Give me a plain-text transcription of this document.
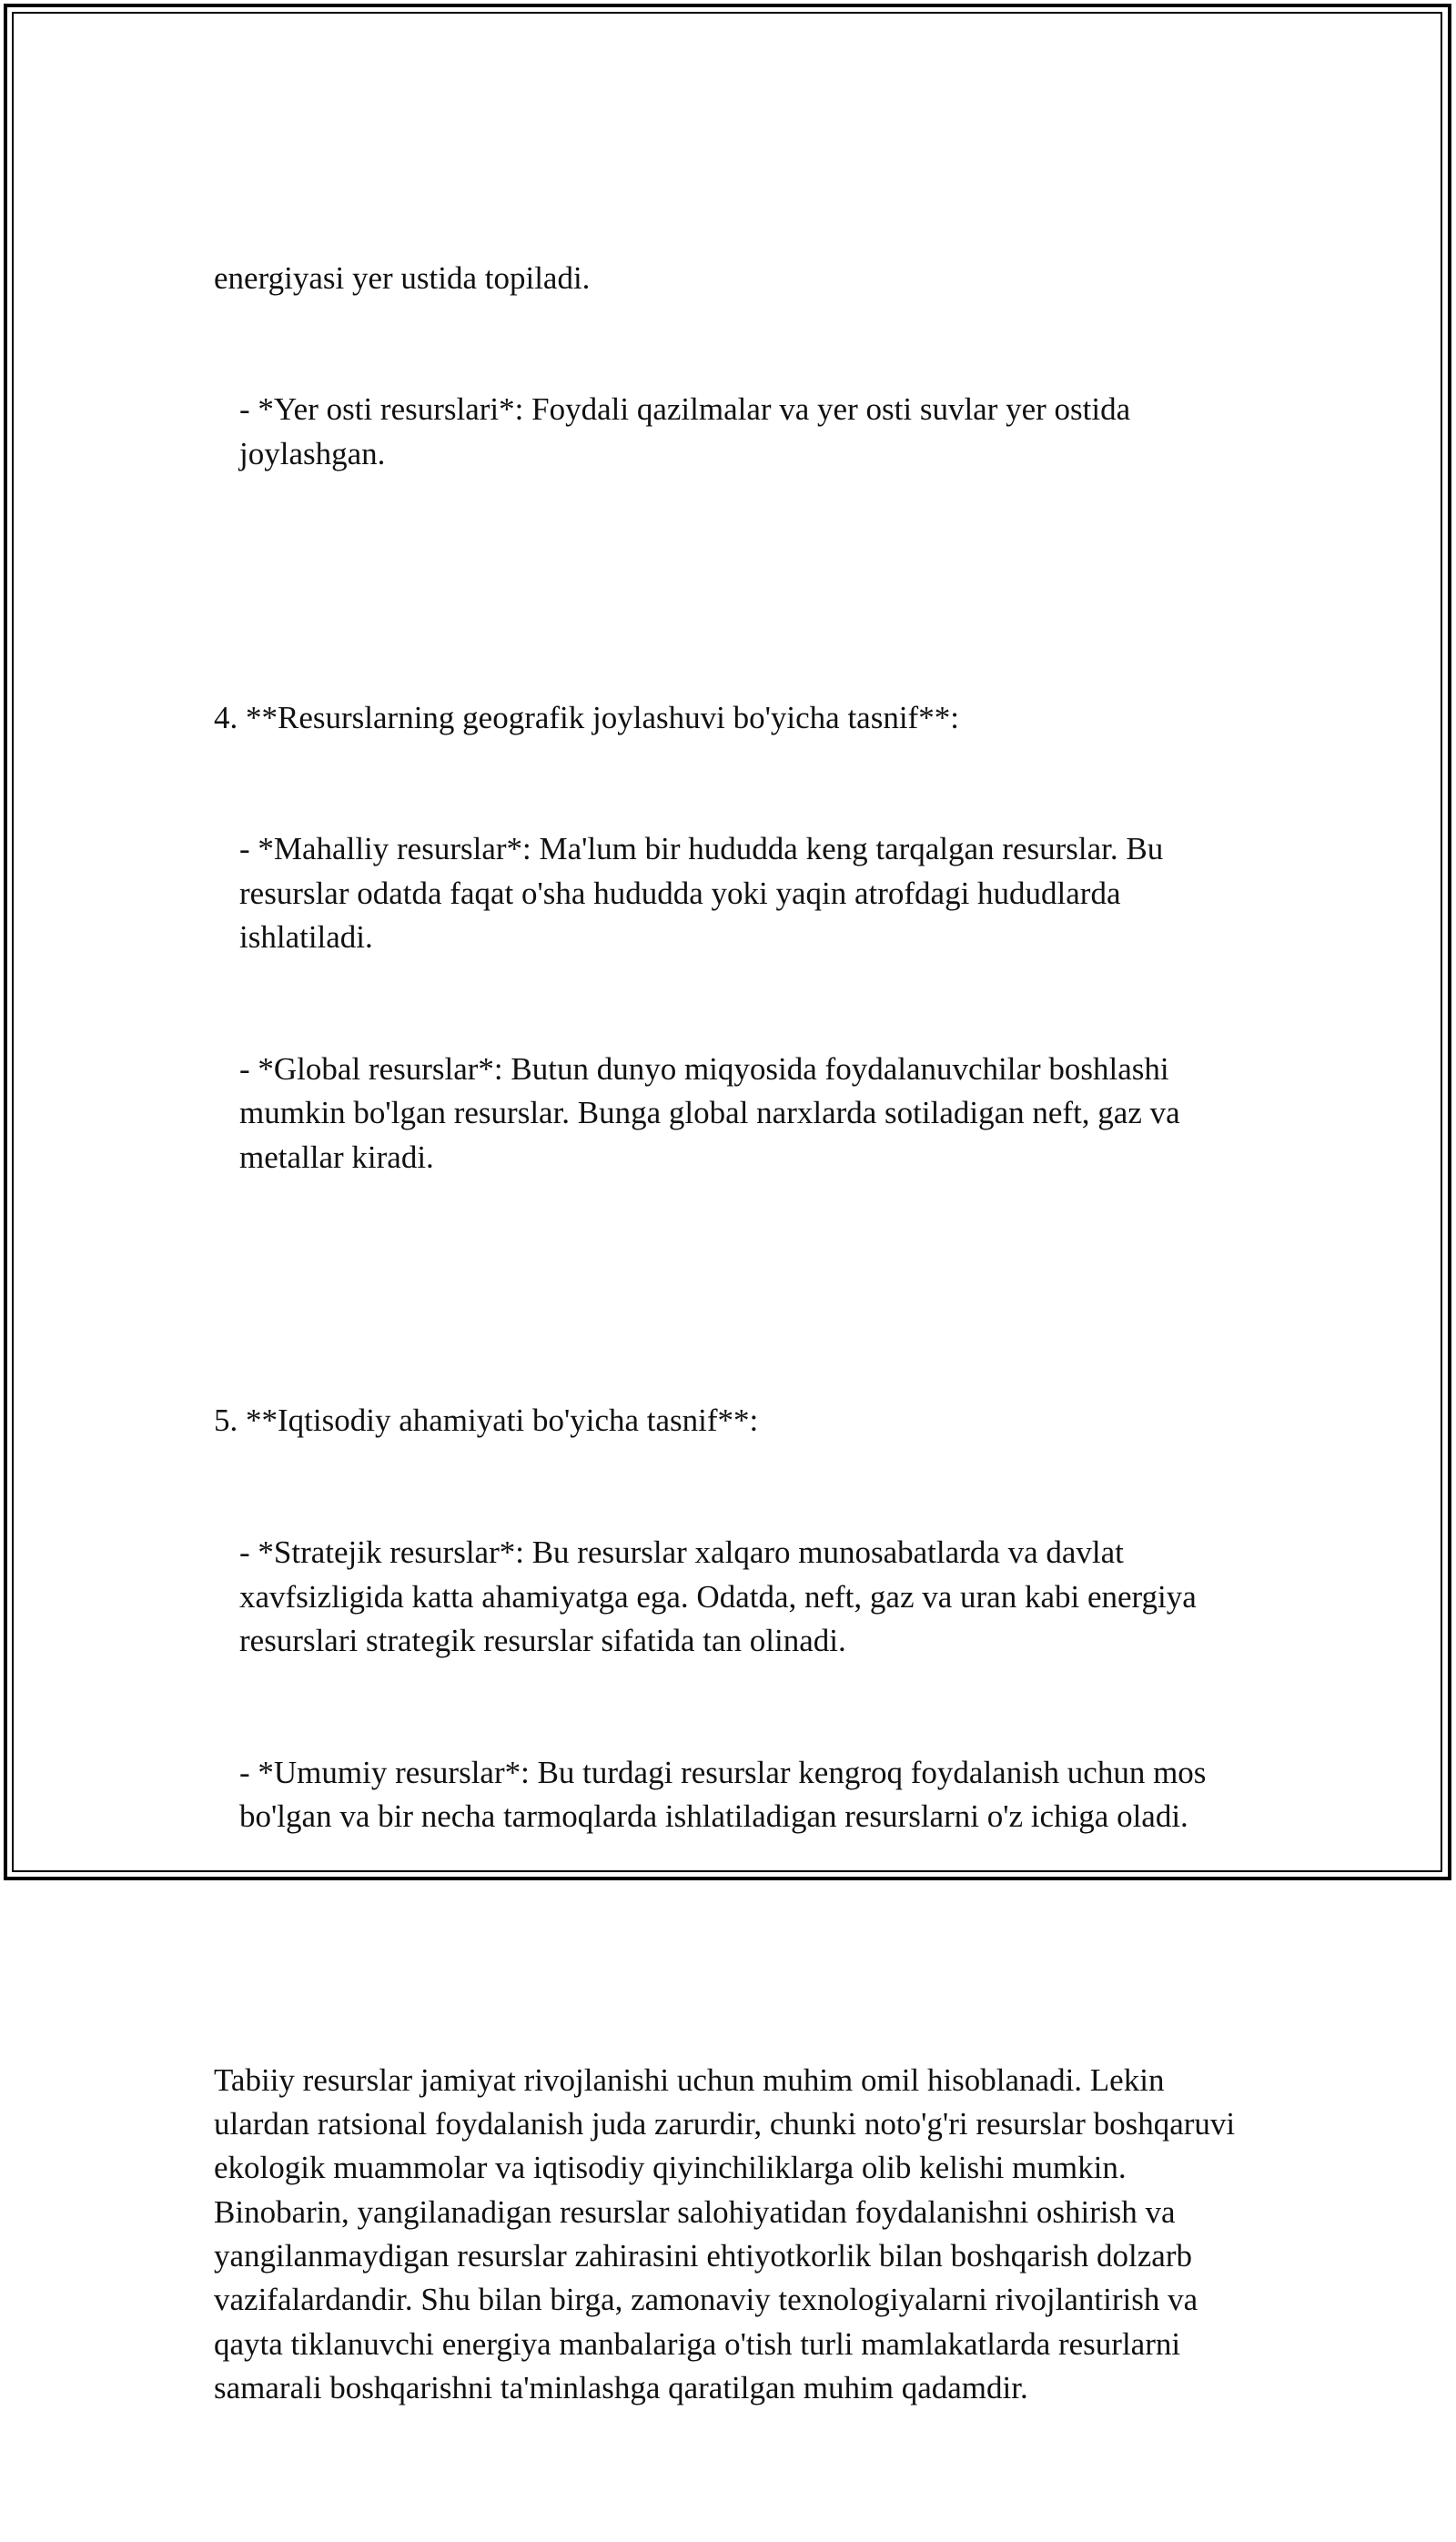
energiyasi yer ustida topiladi.

- *Yer osti resurslari*: Foydali qazilmalar va yer osti suvlar yer ostida joylashgan.

4. **Resurslarning geografik joylashuvi bo'yicha tasnif**:

- *Mahalliy resurslar*: Ma'lum bir hududda keng tarqalgan resurslar. Bu resurslar odatda faqat o'sha hududda yoki yaqin atrofdagi hududlarda ishlatiladi.

- *Global resurslar*: Butun dunyo miqyosida foydalanuvchilar boshlashi mumkin bo'lgan resurslar. Bunga global narxlarda sotiladigan neft, gaz va metallar kiradi.

5. **Iqtisodiy ahamiyati bo'yicha tasnif**:

- *Stratejik resurslar*: Bu resurslar xalqaro munosabatlarda va davlat xavfsizligida katta ahamiyatga ega. Odatda, neft, gaz va uran kabi energiya resurslari strategik resurslar sifatida tan olinadi.

- *Umumiy resurslar*: Bu turdagi resurslar kengroq foydalanish uchun mos bo'lgan va bir necha tarmoqlarda ishlatiladigan resurslarni o'z ichiga oladi.

Tabiiy resurslar jamiyat rivojlanishi uchun muhim omil hisoblanadi. Lekin ulardan ratsional foydalanish juda zarurdir, chunki noto'g'ri resurslar boshqaruvi ekologik muammolar va iqtisodiy qiyinchiliklarga olib kelishi mumkin. Binobarin, yangilanadigan resurslar salohiyatidan foydalanishni oshirish va yangilanmaydigan resurslar zahirasini ehtiyotkorlik bilan boshqarish dolzarb vazifalardandir. Shu bilan birga, zamonaviy texnologiyalarni rivojlantirish va qayta tiklanuvchi energiya manbalariga o'tish turli mamlakatlarda resurlarni samarali boshqarishni ta'minlashga qaratilgan muhim qadamdir.
